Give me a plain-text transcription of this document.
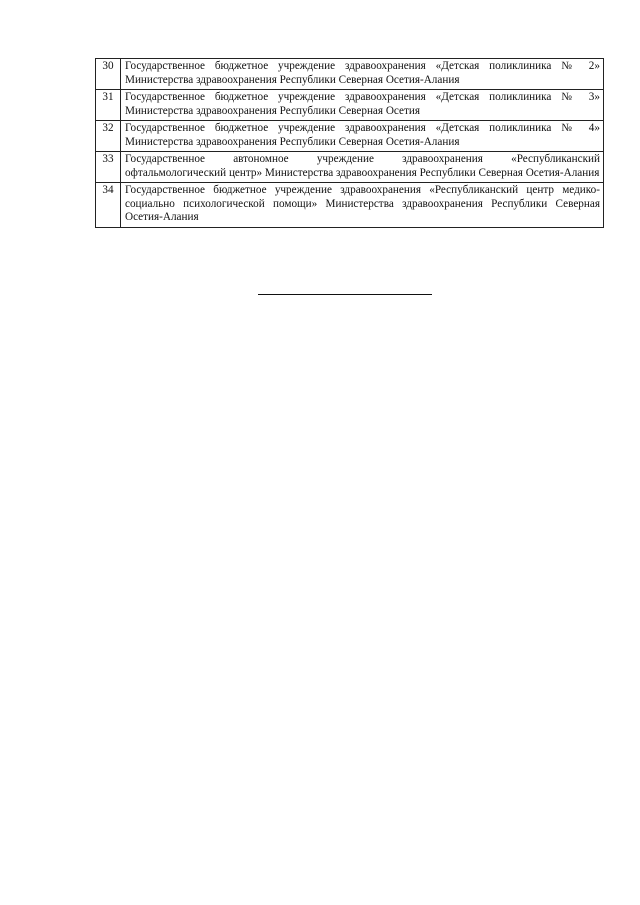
30	Государственное бюджетное учреждение здравоохранения «Детская поликлиника № 2» Министерства здравоохранения Республики Северная Осетия-Алания
31	Государственное бюджетное учреждение здравоохранения «Детская поликлиника № 3» Министерства здравоохранения Республики Северная Осетия
32	Государственное бюджетное учреждение здравоохранения «Детская поликлиника № 4» Министерства здравоохранения Республики Северная Осетия-Алания
33	Государственное автономное учреждение здравоохранения «Республиканский офтальмологический центр» Министерства здравоохранения Республики Северная Осетия-Алания
34	Государственное бюджетное учреждение здравоохранения «Республиканский центр медико-социально психологической помощи» Министерства здравоохранения Республики Северная Осетия-Алания
